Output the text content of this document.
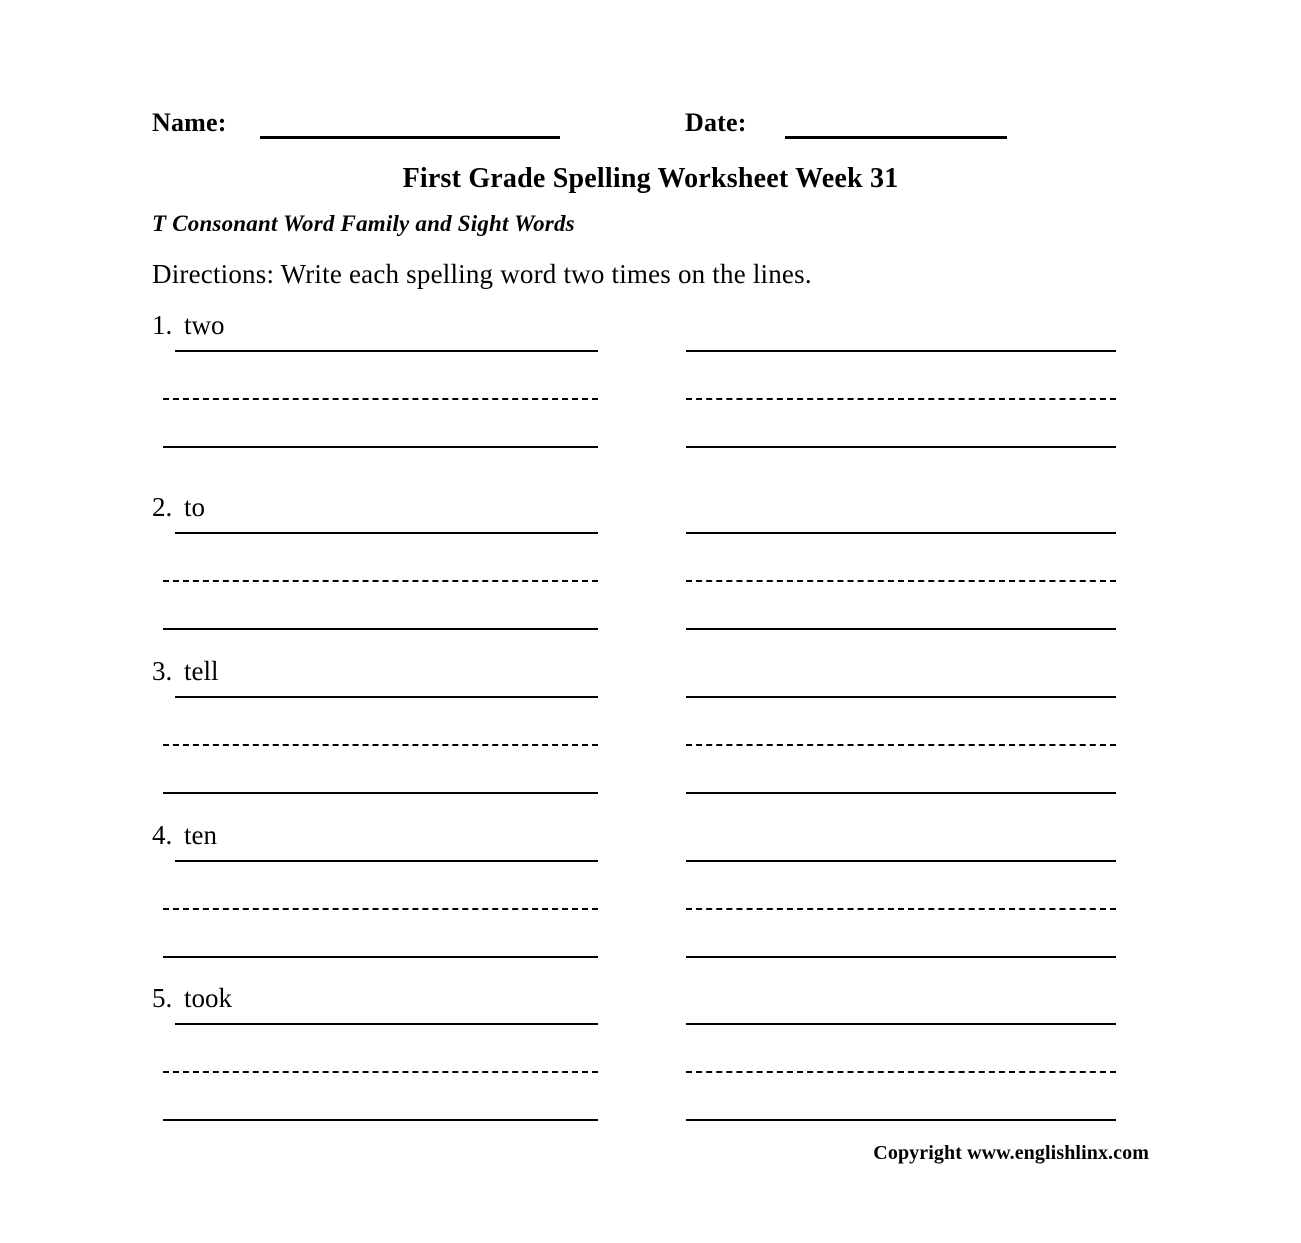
Name:	Date:
First Grade Spelling Worksheet Week 31
T Consonant Word Family and Sight Words
Directions: Write each spelling word two times on the lines.
1. two
2. to
3. tell
4. ten
5. took
Copyright www.englishlinx.com
